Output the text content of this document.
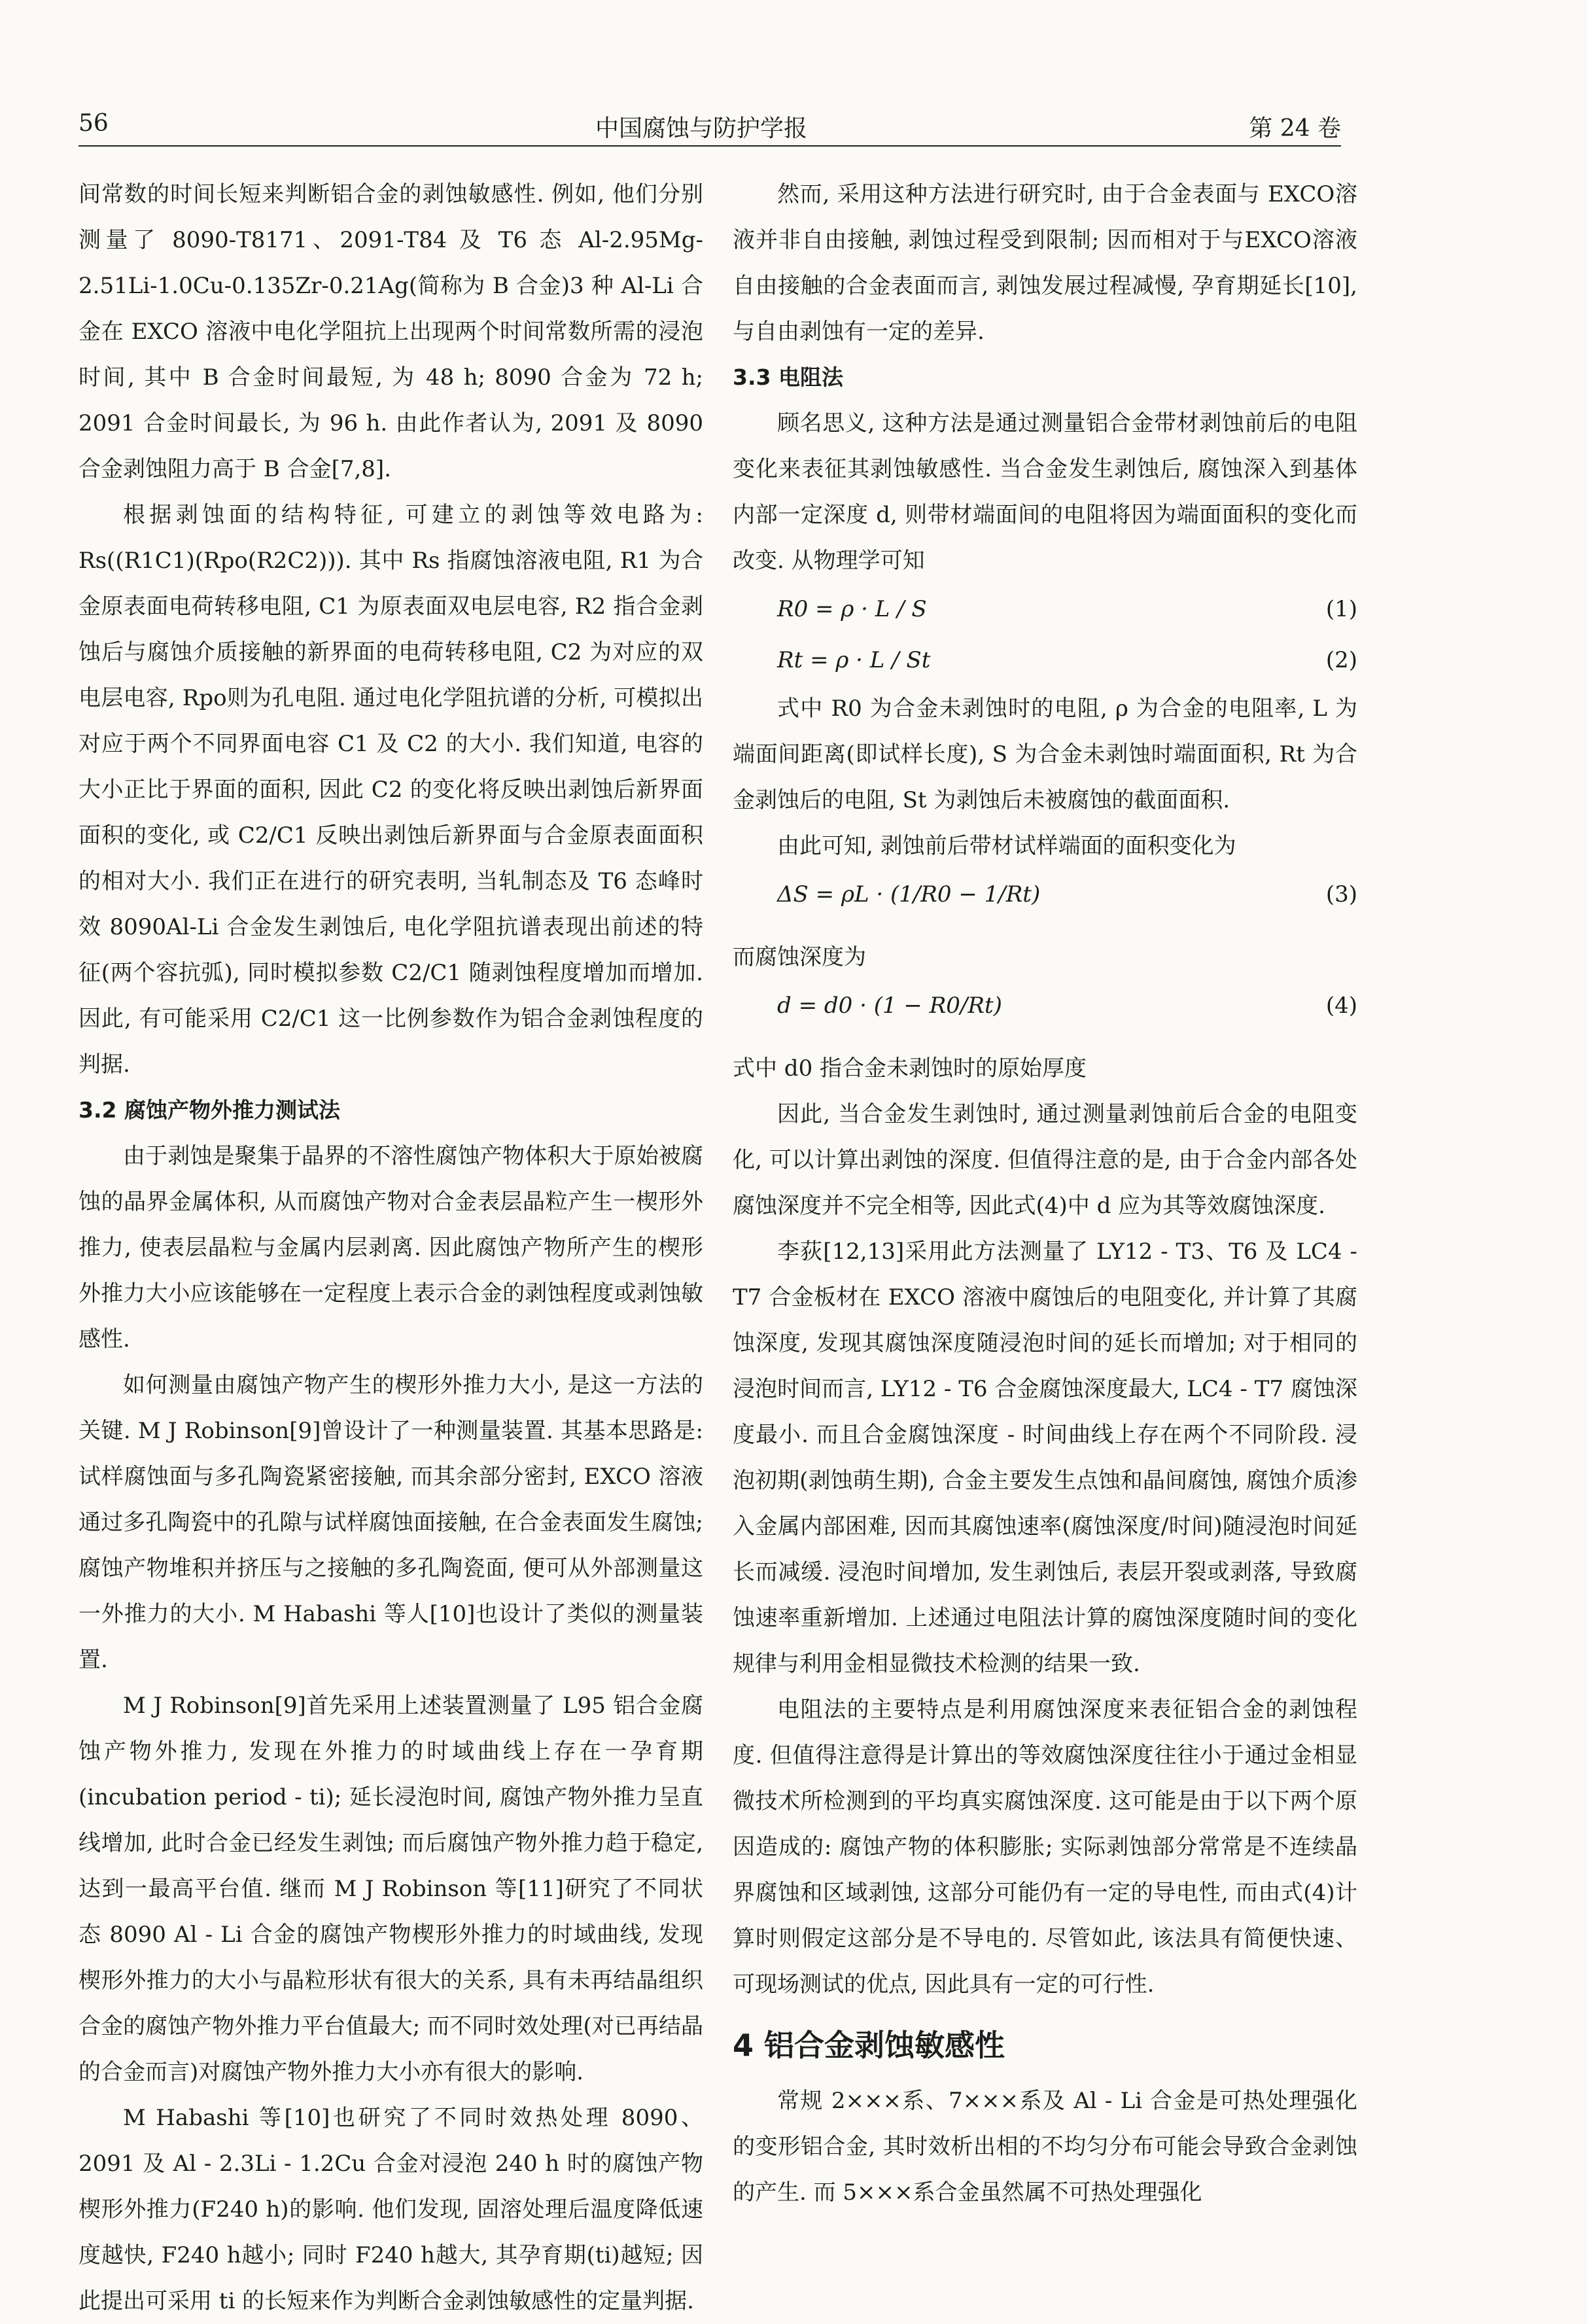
56	中国腐蚀与防护学报	第 24 卷

间常数的时间长短来判断铝合金的剥蚀敏感性. 例如, 他们分别测量了 8090-T8171、2091-T84 及 T6 态 Al-2.95Mg-2.51Li-1.0Cu-0.135Zr-0.21Ag(简称为 B 合金)3 种 Al-Li 合金在 EXCO 溶液中电化学阻抗上出现两个时间常数所需的浸泡时间, 其中 B 合金时间最短, 为 48 h; 8090 合金为 72 h; 2091 合金时间最长, 为 96 h. 由此作者认为, 2091 及 8090 合金剥蚀阻力高于 B 合金[7,8].

根据剥蚀面的结构特征, 可建立的剥蚀等效电路为: Rs((R1C1)(Rpo(R2C2))). 其中 Rs 指腐蚀溶液电阻, R1 为合金原表面电荷转移电阻, C1 为原表面双电层电容, R2 指合金剥蚀后与腐蚀介质接触的新界面的电荷转移电阻, C2 为对应的双电层电容, Rpo则为孔电阻. 通过电化学阻抗谱的分析, 可模拟出对应于两个不同界面电容 C1 及 C2 的大小. 我们知道, 电容的大小正比于界面的面积, 因此 C2 的变化将反映出剥蚀后新界面面积的变化, 或 C2/C1 反映出剥蚀后新界面与合金原表面面积的相对大小. 我们正在进行的研究表明, 当轧制态及 T6 态峰时效 8090Al-Li 合金发生剥蚀后, 电化学阻抗谱表现出前述的特征(两个容抗弧), 同时模拟参数 C2/C1 随剥蚀程度增加而增加. 因此, 有可能采用 C2/C1 这一比例参数作为铝合金剥蚀程度的判据.

3.2 腐蚀产物外推力测试法

由于剥蚀是聚集于晶界的不溶性腐蚀产物体积大于原始被腐蚀的晶界金属体积, 从而腐蚀产物对合金表层晶粒产生一楔形外推力, 使表层晶粒与金属内层剥离. 因此腐蚀产物所产生的楔形外推力大小应该能够在一定程度上表示合金的剥蚀程度或剥蚀敏感性.

如何测量由腐蚀产物产生的楔形外推力大小, 是这一方法的关键. M J Robinson[9]曾设计了一种测量装置. 其基本思路是: 试样腐蚀面与多孔陶瓷紧密接触, 而其余部分密封, EXCO 溶液通过多孔陶瓷中的孔隙与试样腐蚀面接触, 在合金表面发生腐蚀; 腐蚀产物堆积并挤压与之接触的多孔陶瓷面, 便可从外部测量这一外推力的大小. M Habashi 等人[10]也设计了类似的测量装置.

M J Robinson[9]首先采用上述装置测量了 L95 铝合金腐蚀产物外推力, 发现在外推力的时域曲线上存在一孕育期(incubation period - ti); 延长浸泡时间, 腐蚀产物外推力呈直线增加, 此时合金已经发生剥蚀; 而后腐蚀产物外推力趋于稳定, 达到一最高平台值. 继而 M J Robinson 等[11]研究了不同状态 8090 Al - Li 合金的腐蚀产物楔形外推力的时域曲线, 发现楔形外推力的大小与晶粒形状有很大的关系, 具有未再结晶组织合金的腐蚀产物外推力平台值最大; 而不同时效处理(对已再结晶的合金而言)对腐蚀产物外推力大小亦有很大的影响.

M Habashi 等[10]也研究了不同时效热处理 8090、2091 及 Al - 2.3Li - 1.2Cu 合金对浸泡 240 h 时的腐蚀产物楔形外推力(F240 h)的影响. 他们发现, 固溶处理后温度降低速度越快, F240 h越小; 同时 F240 h越大, 其孕育期(ti)越短; 因此提出可采用 ti 的长短来作为判断合金剥蚀敏感性的定量判据.

然而, 采用这种方法进行研究时, 由于合金表面与 EXCO溶液并非自由接触, 剥蚀过程受到限制; 因而相对于与EXCO溶液自由接触的合金表面而言, 剥蚀发展过程减慢, 孕育期延长[10], 与自由剥蚀有一定的差异.

3.3 电阻法

顾名思义, 这种方法是通过测量铝合金带材剥蚀前后的电阻变化来表征其剥蚀敏感性. 当合金发生剥蚀后, 腐蚀深入到基体内部一定深度 d, 则带材端面间的电阻将因为端面面积的变化而改变. 从物理学可知

R0 = ρ · L / S	(1)
Rt = ρ · L / St	(2)

式中 R0 为合金未剥蚀时的电阻, ρ 为合金的电阻率, L 为端面间距离(即试样长度), S 为合金未剥蚀时端面面积, Rt 为合金剥蚀后的电阻, St 为剥蚀后未被腐蚀的截面面积.

由此可知, 剥蚀前后带材试样端面的面积变化为

ΔS = ρL · (1/R0 − 1/Rt)	(3)

而腐蚀深度为

d = d0 · (1 − R0/Rt)	(4)

式中 d0 指合金未剥蚀时的原始厚度

因此, 当合金发生剥蚀时, 通过测量剥蚀前后合金的电阻变化, 可以计算出剥蚀的深度. 但值得注意的是, 由于合金内部各处腐蚀深度并不完全相等, 因此式(4)中 d 应为其等效腐蚀深度.

李荻[12,13]采用此方法测量了 LY12 - T3、T6 及 LC4 - T7 合金板材在 EXCO 溶液中腐蚀后的电阻变化, 并计算了其腐蚀深度, 发现其腐蚀深度随浸泡时间的延长而增加; 对于相同的浸泡时间而言, LY12 - T6 合金腐蚀深度最大, LC4 - T7 腐蚀深度最小. 而且合金腐蚀深度 - 时间曲线上存在两个不同阶段. 浸泡初期(剥蚀萌生期), 合金主要发生点蚀和晶间腐蚀, 腐蚀介质渗入金属内部困难, 因而其腐蚀速率(腐蚀深度/时间)随浸泡时间延长而减缓. 浸泡时间增加, 发生剥蚀后, 表层开裂或剥落, 导致腐蚀速率重新增加. 上述通过电阻法计算的腐蚀深度随时间的变化规律与利用金相显微技术检测的结果一致.

电阻法的主要特点是利用腐蚀深度来表征铝合金的剥蚀程度. 但值得注意得是计算出的等效腐蚀深度往往小于通过金相显微技术所检测到的平均真实腐蚀深度. 这可能是由于以下两个原因造成的: 腐蚀产物的体积膨胀; 实际剥蚀部分常常是不连续晶界腐蚀和区域剥蚀, 这部分可能仍有一定的导电性, 而由式(4)计算时则假定这部分是不导电的. 尽管如此, 该法具有简便快速、可现场测试的优点, 因此具有一定的可行性.

4 铝合金剥蚀敏感性

常规 2×××系、7×××系及 Al - Li 合金是可热处理强化的变形铝合金, 其时效析出相的不均匀分布可能会导致合金剥蚀的产生. 而 5×××系合金虽然属不可热处理强化
